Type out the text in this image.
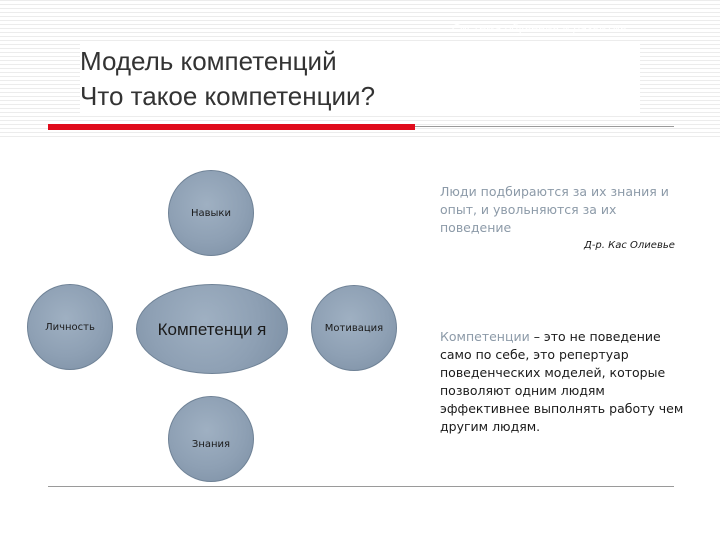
Система обучения и развития
Модель компетенций
Что такое компетенции?
Навыки
Личность	Компетенци я	Мотивация
Знания
Люди подбираются за их знания и опыт, и увольняются за их поведение
Д-р. Кас Олиевье
Компетенции – это не поведение само по себе, это репертуар поведенческих моделей, которые позволяют одним людям эффективнее выполнять работу чем другим людям.
